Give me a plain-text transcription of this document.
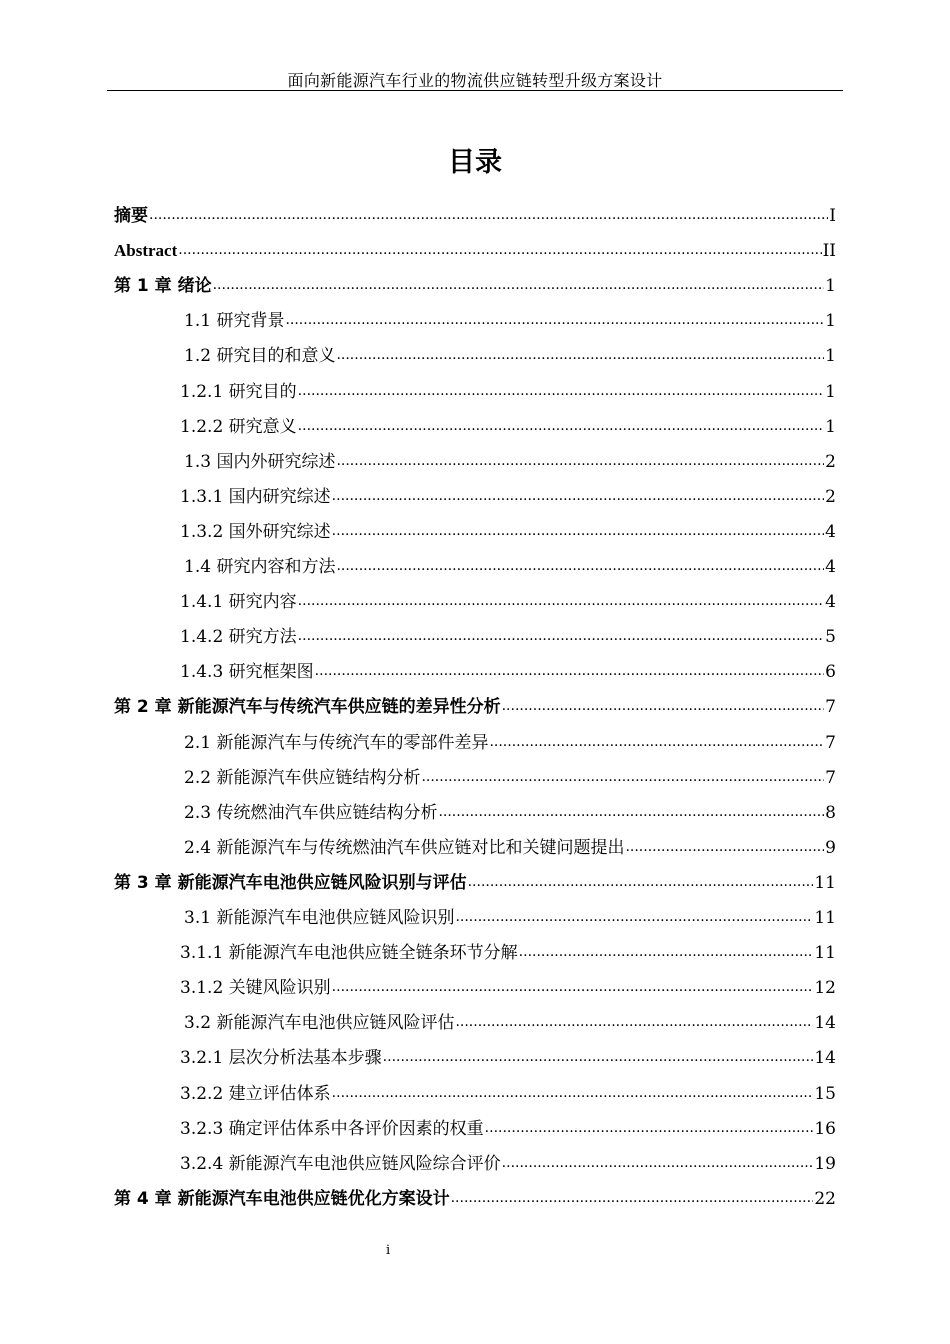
面向新能源汽车行业的物流供应链转型升级方案设计
目录
摘要 .....	I
Abstract .....	II
第 1 章 绪论 .....	1
1.1 研究背景 .....	1
1.2 研究目的和意义 .....	1
1.2.1 研究目的 .....	1
1.2.2 研究意义 .....	1
1.3 国内外研究综述 .....	2
1.3.1 国内研究综述 .....	2
1.3.2 国外研究综述 .....	4
1.4 研究内容和方法 .....	4
1.4.1 研究内容 .....	4
1.4.2 研究方法 .....	5
1.4.3 研究框架图 .....	6
第 2 章 新能源汽车与传统汽车供应链的差异性分析 .....	7
2.1 新能源汽车与传统汽车的零部件差异 .....	7
2.2 新能源汽车供应链结构分析 .....	7
2.3 传统燃油汽车供应链结构分析 .....	8
2.4 新能源汽车与传统燃油汽车供应链对比和关键问题提出 .....	9
第 3 章 新能源汽车电池供应链风险识别与评估 .....	11
3.1 新能源汽车电池供应链风险识别 .....	11
3.1.1 新能源汽车电池供应链全链条环节分解 .....	11
3.1.2 关键风险识别 .....	12
3.2 新能源汽车电池供应链风险评估 .....	14
3.2.1 层次分析法基本步骤 .....	14
3.2.2 建立评估体系 .....	15
3.2.3 确定评估体系中各评价因素的权重 .....	16
3.2.4 新能源汽车电池供应链风险综合评价 .....	19
第 4 章 新能源汽车电池供应链优化方案设计 .....	22
i
